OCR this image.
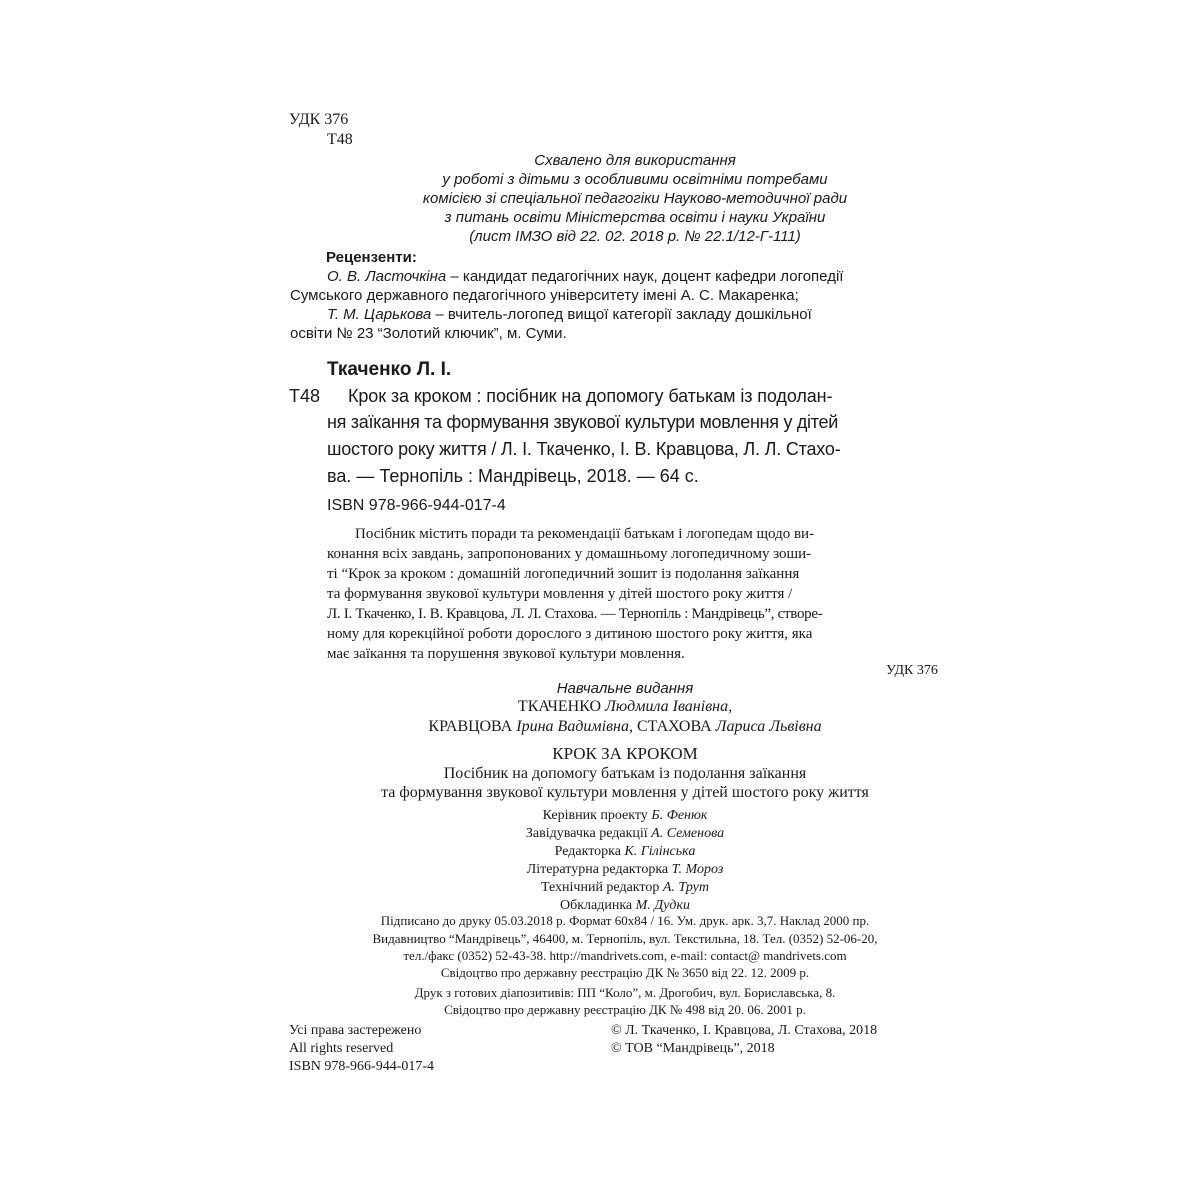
УДК 376
Т48
Схвалено для використання
у роботі з дітьми з особливими освітніми потребами
комісією зі спеціальної педагогіки Науково-методичної ради
з питань освіти Міністерства освіти і науки України
(лист ІМЗО від 22. 02. 2018 р. № 22.1/12-Г-111)
Рецензенти:
О. В. Ласточкіна – кандидат педагогічних наук, доцент кафедри логопедії
Сумського державного педагогічного університету імені А. С. Макаренка;
Т. М. Царькова – вчитель-логопед вищої категорії закладу дошкільної
освіти № 23 “Золотий ключик”, м. Суми.
Ткаченко Л. І.
Т48 Крок за кроком : посібник на допомогу батькам із подолан-
ня заїкання та формування звукової культури мовлення у дітей
шостого року життя / Л. І. Ткаченко, І. В. Кравцова, Л. Л. Стахо-
ва. — Тернопіль : Мандрівець, 2018. — 64 с.
ISBN 978-966-944-017-4
Посібник містить поради та рекомендації батькам і логопедам щодо ви-
конання всіх завдань, запропонованих у домашньому логопедичному зоши-
ті “Крок за кроком : домашній логопедичний зошит із подолання заїкання
та формування звукової культури мовлення у дітей шостого року життя /
Л. І. Ткаченко, І. В. Кравцова, Л. Л. Стахова. — Тернопіль : Мандрівець”, створе-
ному для корекційної роботи дорослого з дитиною шостого року життя, яка
має заїкання та порушення звукової культури мовлення.
УДК 376
Навчальне видання
ТКАЧЕНКО Людмила Іванівна,
КРАВЦОВА Ірина Вадимівна, СТАХОВА Лариса Львівна
КРОК ЗА КРОКОМ
Посібник на допомогу батькам із подолання заїкання
та формування звукової культури мовлення у дітей шостого року життя
Керівник проекту Б. Фенюк
Завідувачка редакції А. Семенова
Редакторка К. Гілінська
Літературна редакторка Т. Мороз
Технічний редактор А. Трут
Обкладинка М. Дудки
Підписано до друку 05.03.2018 р. Формат 60х84 / 16. Ум. друк. арк. 3,7. Наклад 2000 пр.
Видавництво “Мандрівець”, 46400, м. Тернопіль, вул. Текстильна, 18. Тел. (0352) 52-06-20,
тел./факс (0352) 52-43-38. http://mandrivets.com, e-mail: contact@ mandrivets.com
Свідоцтво про державну реєстрацію ДК № 3650 від 22. 12. 2009 р.
Друк з готових діапозитивів: ПП “Коло”, м. Дрогобич, вул. Бориславська, 8.
Свідоцтво про державну реєстрацію ДК № 498 від 20. 06. 2001 р.
Усі права застережено
All rights reserved
ISBN 978-966-944-017-4
© Л. Ткаченко, І. Кравцова, Л. Стахова, 2018
© ТОВ “Мандрівець”, 2018
